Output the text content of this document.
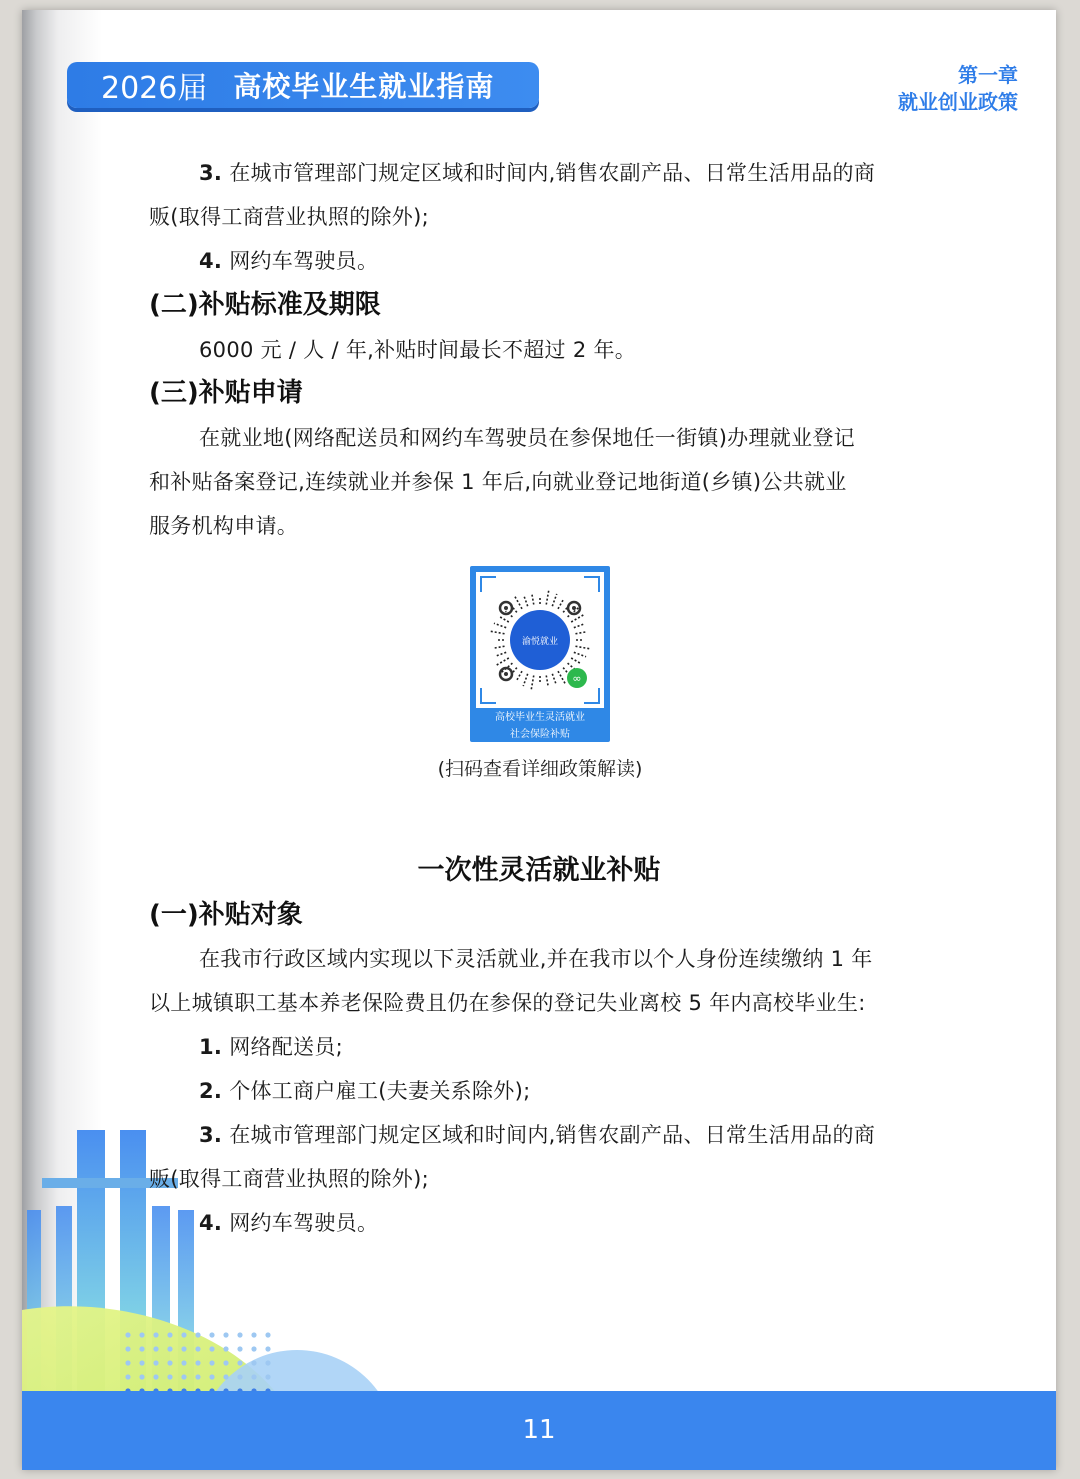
2026届 高校毕业生就业指南	第一章
就业创业政策
3. 在城市管理部门规定区域和时间内,销售农副产品、日常生活用品的商
贩(取得工商营业执照的除外);
4. 网约车驾驶员。
(二)补贴标准及期限
6000 元 / 人 / 年,补贴时间最长不超过 2 年。
(三)补贴申请
在就业地(网络配送员和网约车驾驶员在参保地任一街镇)办理就业登记
和补贴备案登记,连续就业并参保 1 年后,向就业登记地街道(乡镇)公共就业
服务机构申请。
一次性灵活就业补贴
(一)补贴对象
在我市行政区域内实现以下灵活就业,并在我市以个人身份连续缴纳 1 年
以上城镇职工基本养老保险费且仍在参保的登记失业离校 5 年内高校毕业生:
1. 网络配送员;
2. 个体工商户雇工(夫妻关系除外);
3. 在城市管理部门规定区域和时间内,销售农副产品、日常生活用品的商
贩(取得工商营业执照的除外);
4. 网约车驾驶员。
∞
渝悦就业
高校毕业生灵活就业
社会保险补贴
(扫码查看详细政策解读)
11
